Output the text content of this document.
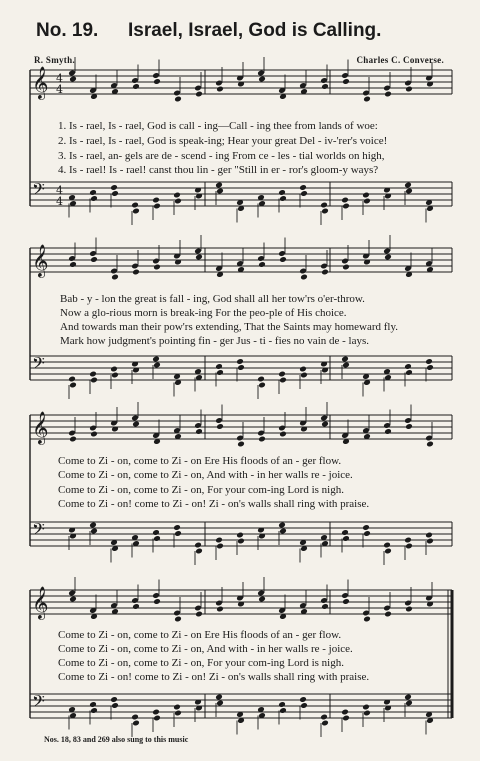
No. 19. Israel, Israel, God is Calling.
R. Smyth.	Charles C. Converse.
𝄞 4
4
𝄢 4
4
𝄞
𝄢
𝄞
𝄢
𝄞
𝄢
1. Is - rael, Is - rael, God is call - ing—Call - ing thee from lands of woe:
2. Is - rael, Is - rael, God is speak-ing; Hear your great Del - iv-'rer's voice!
3. Is - rael, an- gels are de - scend - ing From ce - les - tial worlds on high,
4. Is - rael! Is - rael! canst thou lin - ger "Still in er - ror's gloom-y ways?
Bab - y - lon the great is fall - ing, God shall all her tow'rs o'er-throw.
Now a glo-rious morn is break-ing For the peo-ple of His choice.
And towards man their pow'rs extending, That the Saints may homeward fly.
Mark how judgment's pointing fin - ger Jus - ti - fies no vain de - lays.
Come to Zi - on, come to Zi - on Ere His floods of an - ger flow.
Come to Zi - on, come to Zi - on, And with - in her walls re - joice.
Come to Zi - on, come to Zi - on, For your com-ing Lord is nigh.
Come to Zi - on! come to Zi - on! Zi - on's walls shall ring with praise.
Come to Zi - on, come to Zi - on Ere His floods of an - ger flow.
Come to Zi - on, come to Zi - on, And with - in her walls re - joice.
Come to Zi - on, come to Zi - on, For your com-ing Lord is nigh.
Come to Zi - on! come to Zi - on! Zi - on's walls shall ring with praise.
Nos. 18, 83 and 269 also sung to this music
